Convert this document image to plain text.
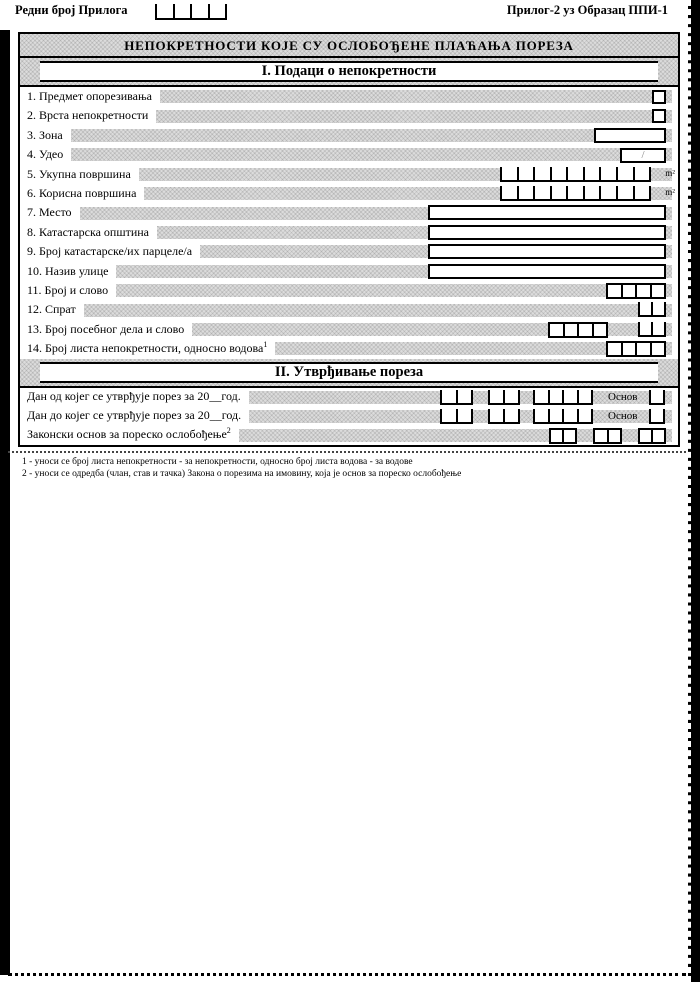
Редни број Прилога	Прилог-2 уз Образац ППИ-1
НЕПОКРЕТНОСТИ КОЈЕ СУ ОСЛОБОЂЕНЕ ПЛАЋАЊА ПОРЕЗА
I. Подаци о непокретности
1. Предмет опорезивања
2. Врста непокретности
3. Зона
4. Удео	/
5. Укупна површина	m²
6. Корисна површина	m²
7. Место
8. Катастарска општина
9. Број катастарске/их парцеле/а
10. Назив улице
11. Број и слово
12. Спрат
13. Број посебног дела и слово
14. Број листа непокретности, односно водова$^1$
II. Утврђивање пореза
Дан од којег се утврђује порез за 20__год.	Основ
Дан до којег се утврђује порез за 20__год.	Основ
Законски основ за пореско ослобођење$^2$
1 - уноси се број листа непокретности - за непокретности, односно број листа водова - за водове
2 - уноси се одредба (члан, став и тачка) Закона о порезима на имовину, која је основ за пореско ослобођење
